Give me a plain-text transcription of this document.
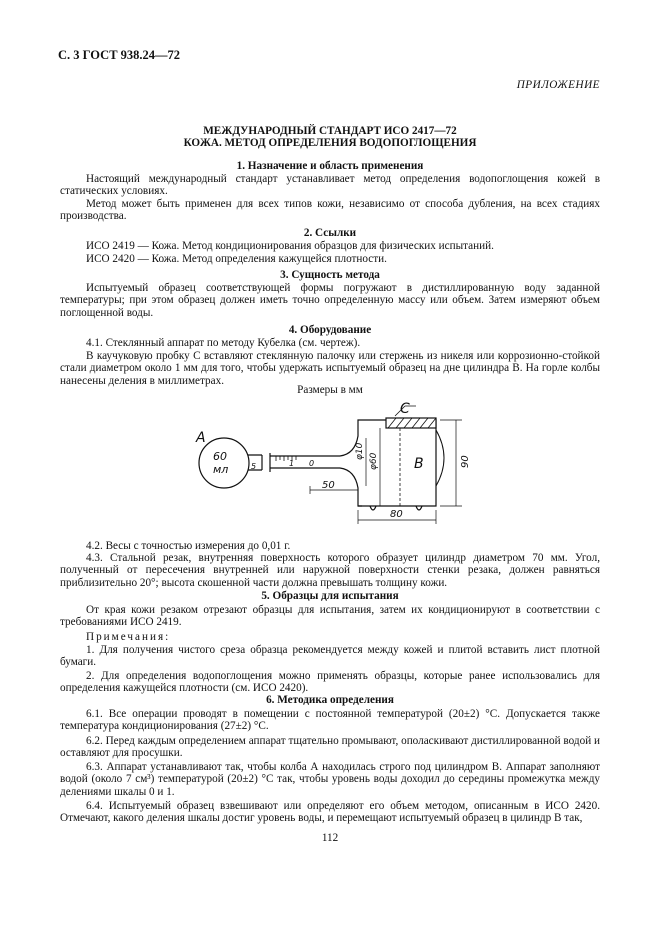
С. 3 ГОСТ 938.24—72
ПРИЛОЖЕНИЕ
МЕЖДУНАРОДНЫЙ СТАНДАРТ ИСО 2417—72
КОЖА. МЕТОД ОПРЕДЕЛЕНИЯ ВОДОПОГЛОЩЕНИЯ
1. Назначение и область применения
Настоящий международный стандарт устанавливает метод определения водопоглощения кожей в статических условиях.
Метод может быть применен для всех типов кожи, независимо от способа дубления, на всех стадиях производства.
2. Ссылки
ИСО 2419 — Кожа. Метод кондиционирования образцов для физических испытаний.
ИСО 2420 — Кожа. Метод определения кажущейся плотности.
3. Сущность метода
Испытуемый образец соответствующей формы погружают в дистиллированную воду заданной температуры; при этом образец должен иметь точно определенную массу или объем. Затем измеряют объем поглощенной воды.
4. Оборудование
4.1. Стеклянный аппарат по методу Кубелка (см. чертеж).
В каучуковую пробку С вставляют стеклянную палочку или стержень из никеля или коррозионно-стойкой стали диаметром около 1 мм для того, чтобы удержать испытуемый образец на дне цилиндра В. На горле колбы нанесены деления в миллиметрах.
Размеры в мм
А
60
мл	5	1 0
С
В
φ10
φ60
50
80
90
4.2. Весы с точностью измерения до 0,01 г.
4.3. Стальной резак, внутренняя поверхность которого образует цилиндр диаметром 70 мм. Угол, полученный от пересечения внутренней или наружной поверхности стенки резака, должен равняться приблизительно 20°; высота скошенной части должна превышать толщину кожи.
5. Образцы для испытания
От края кожи резаком отрезают образцы для испытания, затем их кондиционируют в соответствии с требованиями ИСО 2419.
Примечания:
1. Для получения чистого среза образца рекомендуется между кожей и плитой вставить лист плотной бумаги.
2. Для определения водопоглощения можно применять образцы, которые ранее использовались для определения кажущейся плотности (см. ИСО 2420).
6. Методика определения
6.1. Все операции проводят в помещении с постоянной температурой (20±2) °С. Допускается также температура кондиционирования (27±2) °С.
6.2. Перед каждым определением аппарат тщательно промывают, ополаскивают дистиллированной водой и оставляют для просушки.
6.3. Аппарат устанавливают так, чтобы колба А находилась строго под цилиндром В. Аппарат заполняют водой (около 7 см³) температурой (20±2) °С так, чтобы уровень воды доходил до середины промежутка между делениями шкалы 0 и 1.
6.4. Испытуемый образец взвешивают или определяют его объем методом, описанным в ИСО 2420. Отмечают, какого деления шкалы достиг уровень воды, и перемещают испытуемый образец в цилиндр В так,
112
